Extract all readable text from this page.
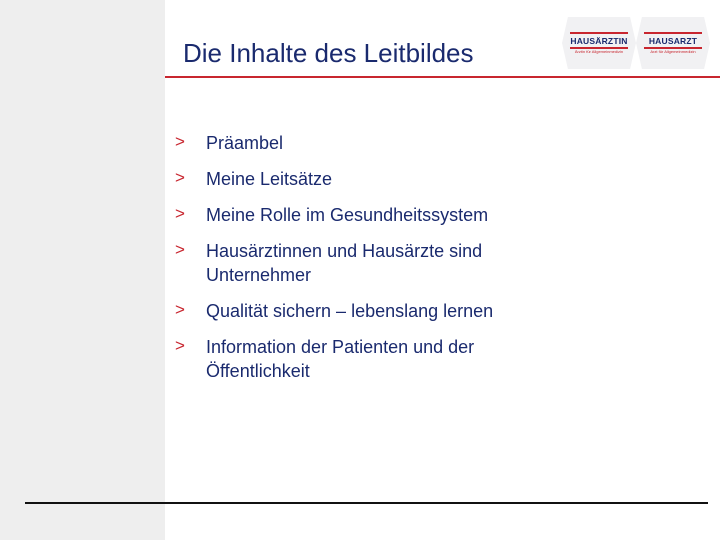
Die Inhalte des Leitbildes	HAUSÄRZTIN
Ärztin für Allgemeinmedizin
HAUSARZT
Arzt für Allgemeinmedizin
> Präambel
> Meine Leitsätze
> Meine Rolle im Gesundheitssystem
> Hausärztinnen und Hausärzte sind Unternehmer
> Qualität sichern – lebenslang lernen
> Information der Patienten und der Öffentlichkeit
